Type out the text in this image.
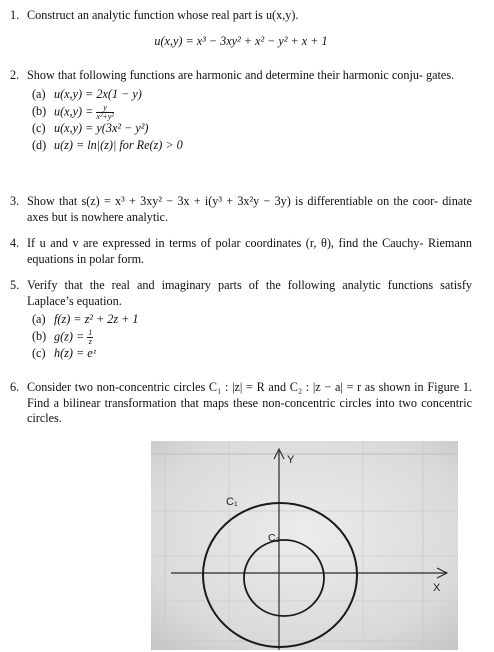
1. Construct an analytic function whose real part is u(x,y).
u(x,y) = x³ − 3xy² + x² − y² + x + 1
2. Show that following functions are harmonic and determine their harmonic conju- gates.
(a) u(x,y) = 2x(1 − y)
(b) $u(x,y) = \frac{y}{\text{x²+y²}}$
(c) u(x,y) = y(3x² − y²)
(d) u(z) = ln|(z)| for Re(z) > 0
3. Show that s(z) = x³ + 3xy² − 3x + i(y³ + 3x²y − 3y) is differentiable on the coor- dinate axes but is nowhere analytic.
4. If u and v are expressed in terms of polar coordinates (r, θ), find the Cauchy- Riemann equations in polar form.
5. Verify that the real and imaginary parts of the following analytic functions satisfy Laplace’s equation.
(a) f(z) = z² + 2z + 1
(b) $g(z) = \frac{1}{z}$
(c) h(z) = eᶻ
6. Consider two non-concentric circles C₁ : |z| = R and C₂ : |z − a| = r as shown in Figure 1. Find a bilinear transformation that maps these non-concentric circles into two concentric circles.
C₁
C₂
Y
X
